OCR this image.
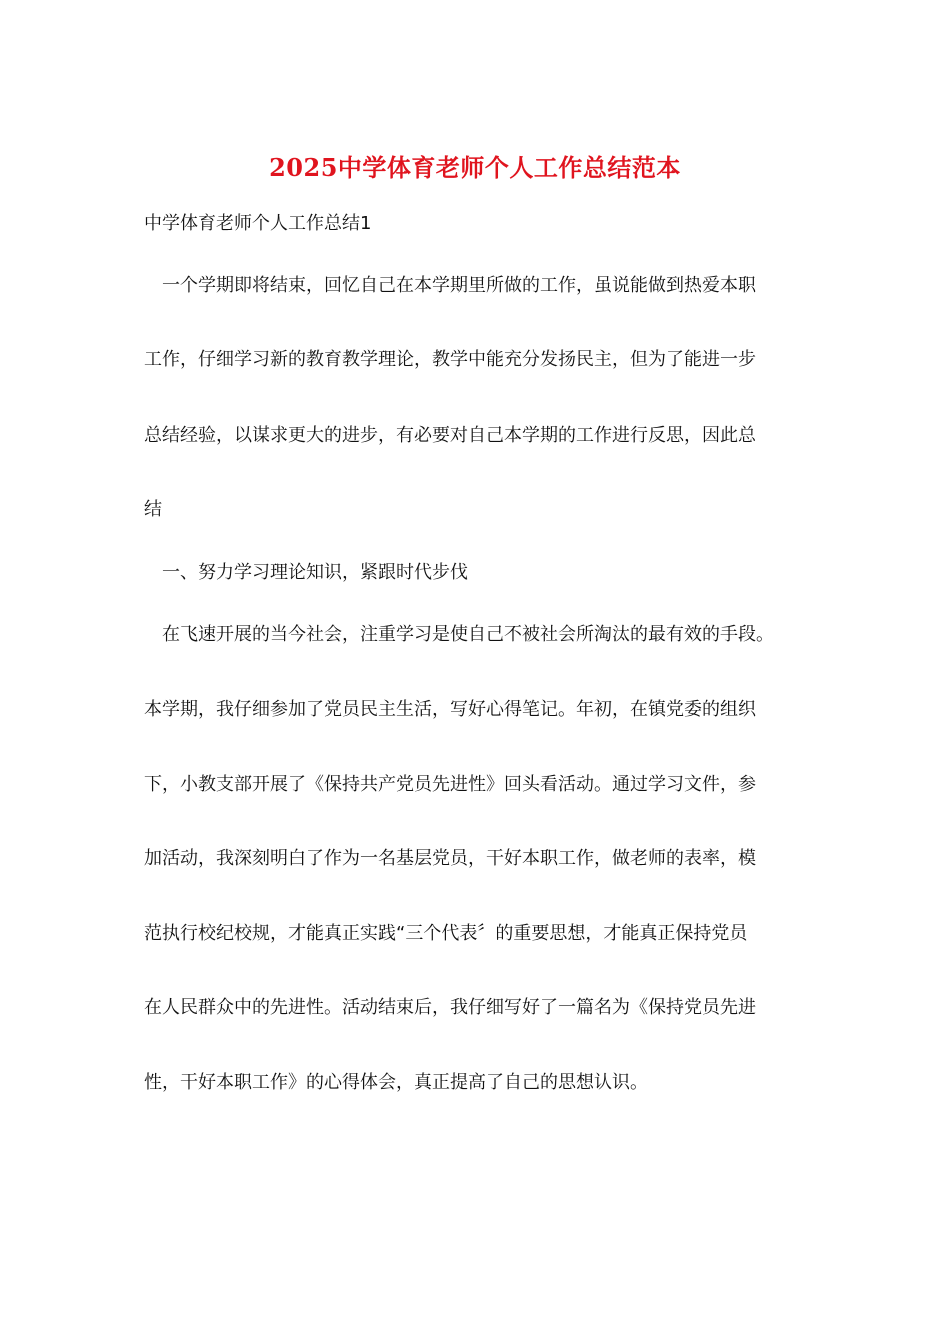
2025中学体育老师个人工作总结范本

中学体育老师个人工作总结1

一个学期即将结束，回忆自己在本学期里所做的工作，虽说能做到热爱本职

工作，仔细学习新的教育教学理论，教学中能充分发扬民主，但为了能进一步

总结经验，以谋求更大的进步，有必要对自己本学期的工作进行反思，因此总

结

一、努力学习理论知识，紧跟时代步伐

在飞速开展的当今社会，注重学习是使自己不被社会所淘汰的最有效的手段。

本学期，我仔细参加了党员民主生活，写好心得笔记。年初，在镇党委的组织

下，小教支部开展了《保持共产党员先进性》回头看活动。通过学习文件，参

加活动，我深刻明白了作为一名基层党员，干好本职工作，做老师的表率，模

范执行校纪校规，才能真正实践“三个代表〞的重要思想，才能真正保持党员

在人民群众中的先进性。活动结束后，我仔细写好了一篇名为《保持党员先进

性，干好本职工作》的心得体会，真正提高了自己的思想认识。
